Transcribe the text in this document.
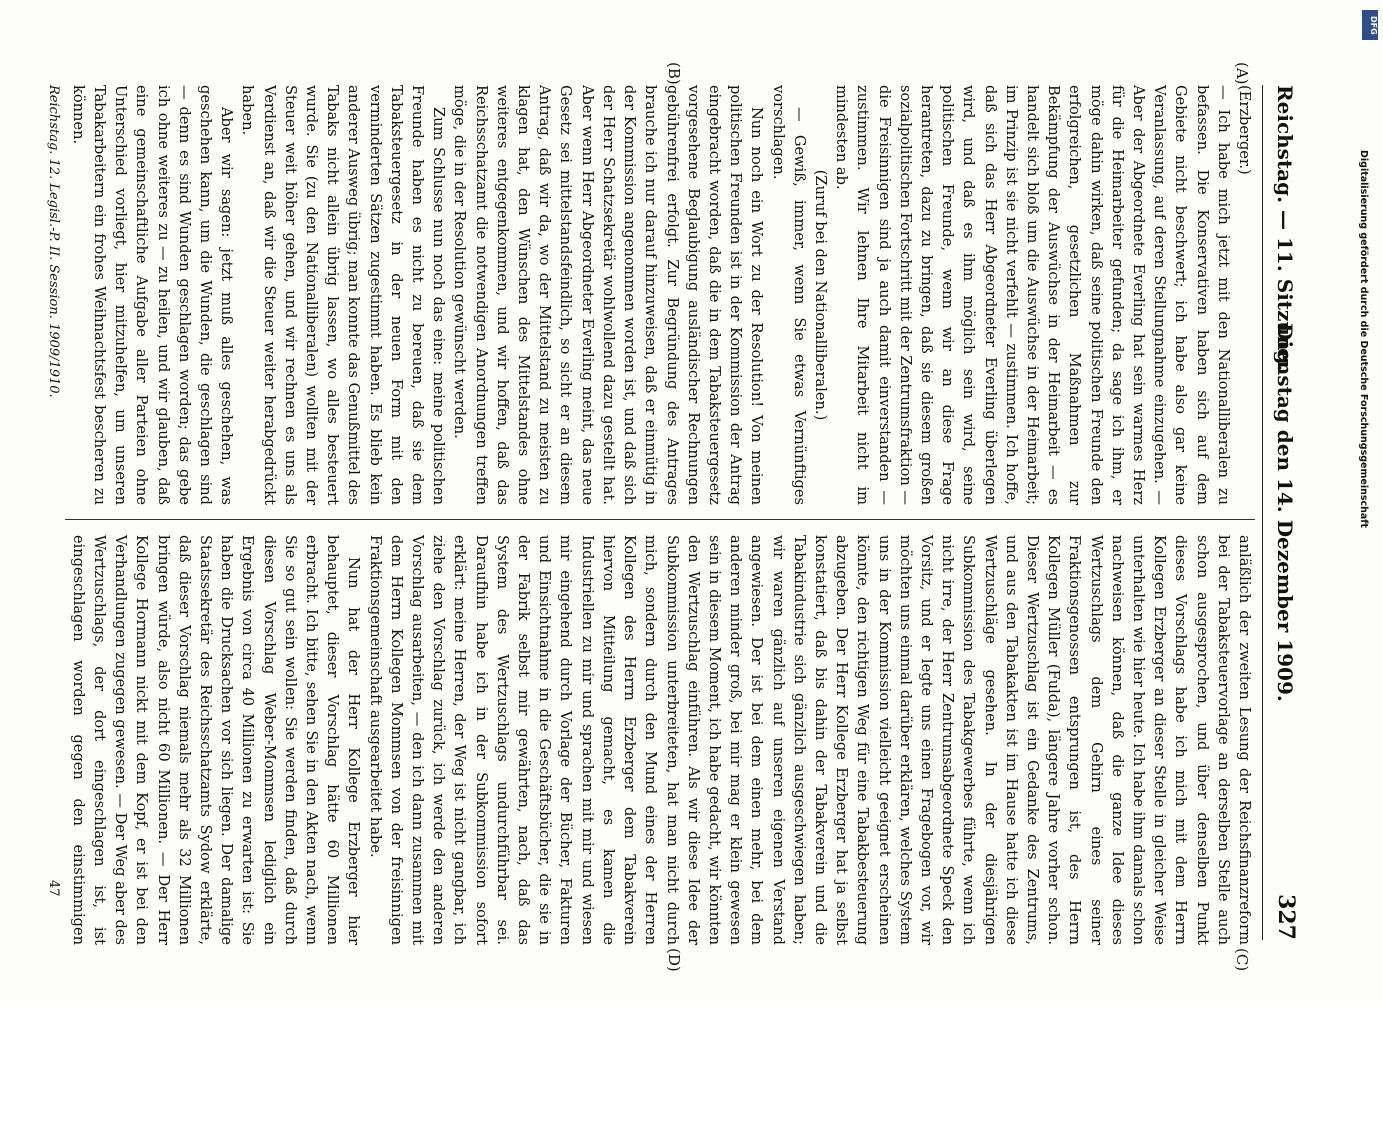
Reichstag. — 11. Sitzung.
Dienstag den 14. Dezember 1909.
327
(A)
(B)
(C)
(D)

(Erzberger.)

— Ich habe mich jetzt mit den Nationalliberalen zu befassen. Die Konservativen haben sich auf dem Gebiete nicht beschwert; ich habe also gar keine Veranlassung, auf deren Stellungnahme einzugehen. — Aber der Abgeordnete Everling hat sein warmes Herz für die Heimarbeiter gefunden; da sage ich ihm, er möge dahin wirken, daß seine politischen Freunde den erfolgreichen, gesetzlichen Maßnahmen zur Bekämpfung der Auswüchse in der Heimarbeit — es handelt sich bloß um die Auswüchse in der Heimarbeit; im Prinzip ist sie nicht verfehlt — zustimmen. Ich hoffe, daß sich das Herr Abgeordneter Everling überlegen wird, und daß es ihm möglich sein wird, seine politischen Freunde, wenn wir an diese Frage herantreten, dazu zu bringen, daß sie diesem großen sozialpolitischen Fortschritt mit der Zentrumsfraktion — die Freisinnigen sind ja auch damit einverstanden — zustimmen. Wir lehnen Ihre Mitarbeit nicht im mindesten ab.

(Zuruf bei den Nationalliberalen.)

— Gewiß, immer, wenn Sie etwas Vernünftiges vorschlagen.

Nun noch ein Wort zu der Resolution! Von meinen politischen Freunden ist in der Kommission der Antrag eingebracht worden, daß die in dem Tabaksteuergesetz vorgesehene Beglaubigung ausländischer Rechnungen gebührenfrei erfolgt. Zur Begründung des Antrages brauche ich nur darauf hinzuweisen, daß er einmütig in der Kommission angenommen worden ist, und daß sich der Herr Schatzsekretär wohlwollend dazu gestellt hat. Aber wenn Herr Abgeordneter Everling meint, das neue Gesetz sei mittelstandsfeindlich, so sicht er an diesem Antrag, daß wir da, wo der Mittelstand zu meisten zu klagen hat, den Wünschen des Mittelstandes ohne weiteres entgegenkommen, und wir hoffen, daß das Reichsschatzamt die notwendigen Anordnungen treffen möge, die in der Resolution gewünscht werden.

Zum Schlusse nun noch das eine: meine politischen Freunde haben es nicht zu bereuen, daß sie dem Tabaksteuergesetz in der neuen Form mit den verminderten Sätzen zugestimmt haben. Es blieb kein anderer Ausweg übrig; man konnte das Genußmittel des Tabaks nicht allein übrig lassen, wo alles besteuert wurde. Sie (zu den Nationalliberalen) wollten mit der Steuer weit höher gehen, und wir rechnen es uns als Verdienst an, daß wir die Steuer weiter herabgedrückt haben.

Aber wir sagen: jetzt muß alles geschehen, was geschehen kann, um die Wunden, die geschlagen sind — denn es sind Wunden geschlagen worden; das gebe ich ohne weiteres zu — zu heilen, und wir glauben, daß eine gemeinschaftliche Aufgabe aller Parteien ohne Unterschied vorliegt, hier mitzuhelfen, um unseren Tabakarbeitern ein frohes Weihnachtsfest bescheren zu können.

anläßlich der zweiten Lesung der Reichsfinanzreform bei der Tabaksteuervorlage an derselben Stelle auch schon ausgesprochen, und über denselben Punkt dieses Vorschlags habe ich mich mit dem Herrn Kollegen Erzberger an dieser Stelle in gleicher Weise unterhalten wie hier heute. Ich habe ihm damals schon nachweisen können, daß die ganze Idee dieses Wertzuschlags dem Gehirn eines seiner Fraktionsgenossen entsprungen ist, des Herrn Kollegen Müller (Fulda), längere Jahre vorher schon. Dieser Wertzuschlag ist ein Gedanke des Zentrums, und aus den Tabakakten ist im Hause hatte ich diese Wertzuschläge gesehen. In der diesjährigen Subkommission des Tabakgewerbes führte, wenn ich nicht irre, der Herr Zentrumsabgeordnete Speck den Vorsitz, und er legte uns einen Fragebogen vor, wir möchten uns einmal darüber erklären, welches System uns in der Kommission vielleicht geeignet erscheinen könnte, den richtigen Weg für eine Tabakbesteuerung abzugeben. Der Herr Kollege Erzberger hat ja selbst konstatiert, daß bis dahin der Tabakverein und die Tabakindustrie sich gänzlich ausgeschwiegen haben; wir waren gänzlich auf unseren eigenen Verstand angewiesen. Der ist bei dem einen mehr, bei dem anderen minder groß, bei mir mag er klein gewesen sein in diesem Moment, ich habe gedacht, wir könnten den Wertzuschlag einführen. Als wir diese Idee der Subkommission unterbreiteten, hat man nicht durch mich, sondern durch den Mund eines der Herren Kollegen des Herrn Erzberger dem Tabakverein hiervon Mitteilung gemacht, es kamen die Industriellen zu mir und sprachen mit mir und wiesen mir eingehend durch Vorlage der Bücher, Fakturen und Einsichtnahme in die Geschäftsbücher, die sie in der Fabrik selbst mir gewährten, nach, daß das System des Wertzuschlags undurchführbar sei. Daraufhin habe ich in der Subkommission sofort erklärt: meine Herren, der Weg ist nicht gangbar, ich ziehe den Vorschlag zurück, ich werde den anderen Vorschlag ausarbeiten, — den ich dann zusammen mit dem Herrn Kollegen Mommsen von der freisinnigen Fraktionsgemeinschaft ausgearbeitet habe.

Nun hat der Herr Kollege Erzberger hier behauptet, dieser Vorschlag hätte 60 Millionen erbracht. Ich bitte, sehen Sie in den Akten nach, wenn Sie so gut sein wollen: Sie werden finden, daß durch diesen Vorschlag Weber-Mommsen lediglich ein Ergebnis von circa 40 Millionen zu erwarten ist: Sie haben die Drucksachen vor sich liegen. Der damalige Staatssekretär des Reichsschatzamts Sydow erklärte, daß dieser Vorschlag niemals mehr als 32 Millionen bringen würde, also nicht 60 Millionen. — Der Herr Kollege Hormann nickt mit dem Kopf, er ist bei den Verhandlungen zugegen gewesen. — Der Weg aber des Wertzuschlags, der dort eingeschlagen ist, ist eingeschlagen worden gegen den einstimmigen

Reichstag. 12. Legisl.-P. II. Session. 1909/1910.
47
DFG
Digitalisierung gefördert durch die Deutsche Forschungsgemeinschaft
